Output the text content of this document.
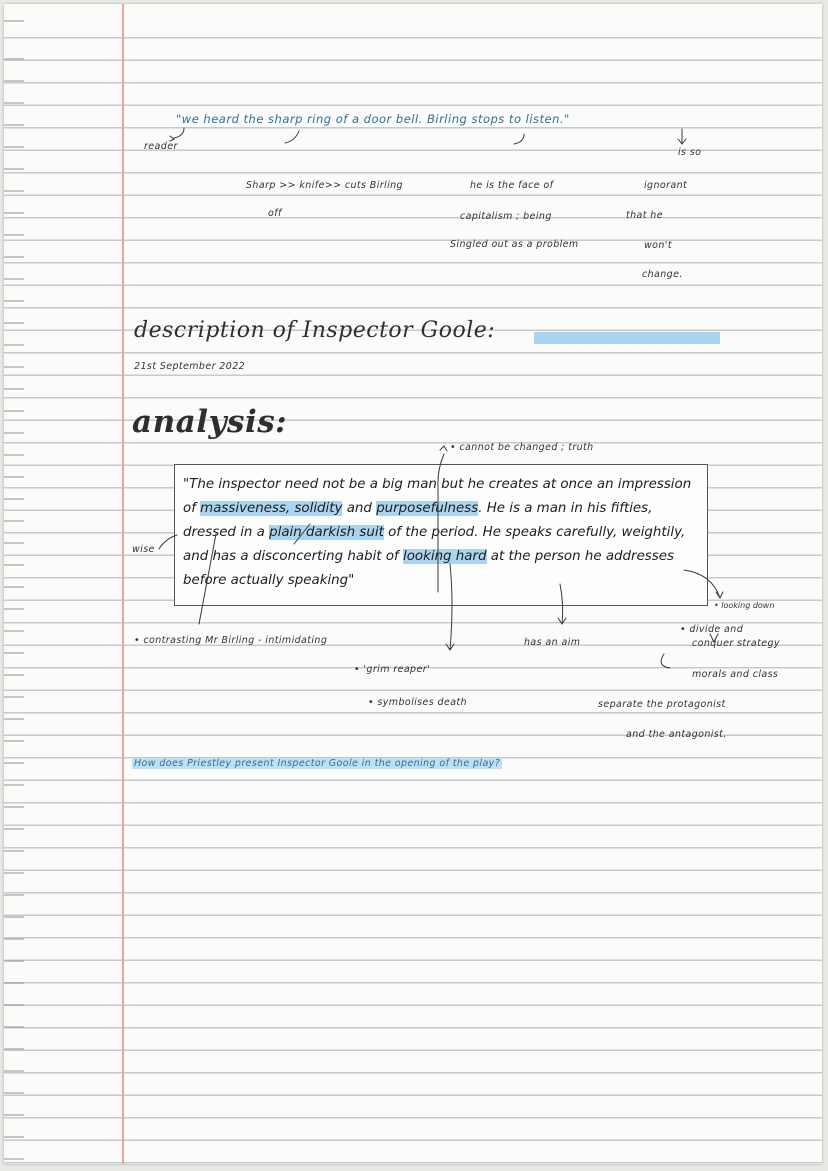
"we heard the sharp ring of a door bell. Birling stops to listen."
reader
Sharp >> knife>> cuts Birling
off
he is the face of
capitalism ; being
Singled out as a problem
is so
ignorant
that he
won't
change.
description of Inspector Goole:
21st September 2022
analysis:
• cannot be changed ; truth
"The inspector need not be a big man but he creates at once an impression of massiveness, solidity and purposefulness. He is a man in his fifties, dressed in a plain darkish suit of the period. He speaks carefully, weightily, and has a disconcerting habit of looking hard at the person he addresses before actually speaking"
wise
• contrasting Mr Birling - intimidating
• 'grim reaper'
• symbolises death
has an aim
• looking down
• divide and
conquer strategy
morals and class
separate the protagonist
and the antagonist.
How does Priestley present Inspector Goole in the opening of the play?
